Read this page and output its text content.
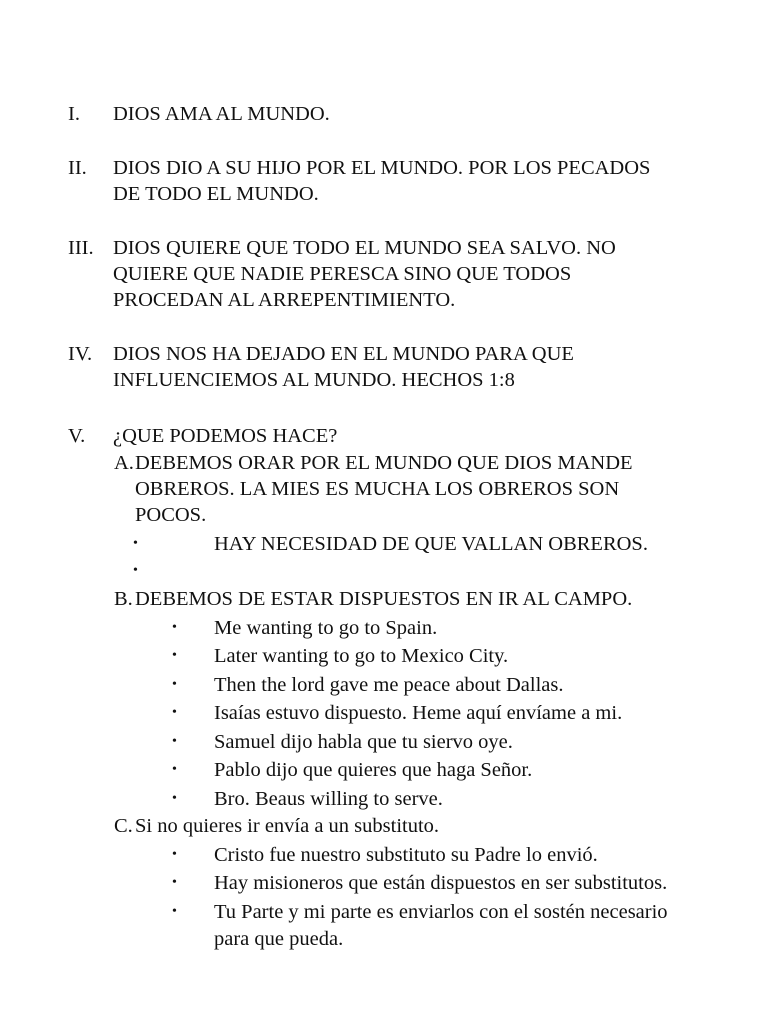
I. DIOS AMA AL MUNDO.
II. DIOS DIO A SU HIJO POR EL MUNDO. POR LOS PECADOS
DE TODO EL MUNDO.
III. DIOS QUIERE QUE TODO EL MUNDO SEA SALVO. NO
QUIERE QUE NADIE PERESCA SINO QUE TODOS
PROCEDAN AL ARREPENTIMIENTO.
IV. DIOS NOS HA DEJADO EN EL MUNDO PARA QUE
INFLUENCIEMOS AL MUNDO. HECHOS 1:8
V. ¿QUE PODEMOS HACE?
A. DEBEMOS ORAR POR EL MUNDO QUE DIOS MANDE
OBREROS. LA MIES ES MUCHA LOS OBREROS SON
POCOS.
•	HAY NECESIDAD DE QUE VALLAN OBREROS.
•
B. DEBEMOS DE ESTAR DISPUESTOS EN IR AL CAMPO.
• Me wanting to go to Spain.
• Later wanting to go to Mexico City.
• Then the lord gave me peace about Dallas.
• Isaías estuvo dispuesto. Heme aquí envíame a mi.
• Samuel dijo habla que tu siervo oye.
• Pablo dijo que quieres que haga Señor.
• Bro. Beaus willing to serve.
C. Si no quieres ir envía a un substituto.
• Cristo fue nuestro substituto su Padre lo envió.
• Hay misioneros que están dispuestos en ser substitutos.
• Tu Parte y mi parte es enviarlos con el sostén necesario
para que pueda.
